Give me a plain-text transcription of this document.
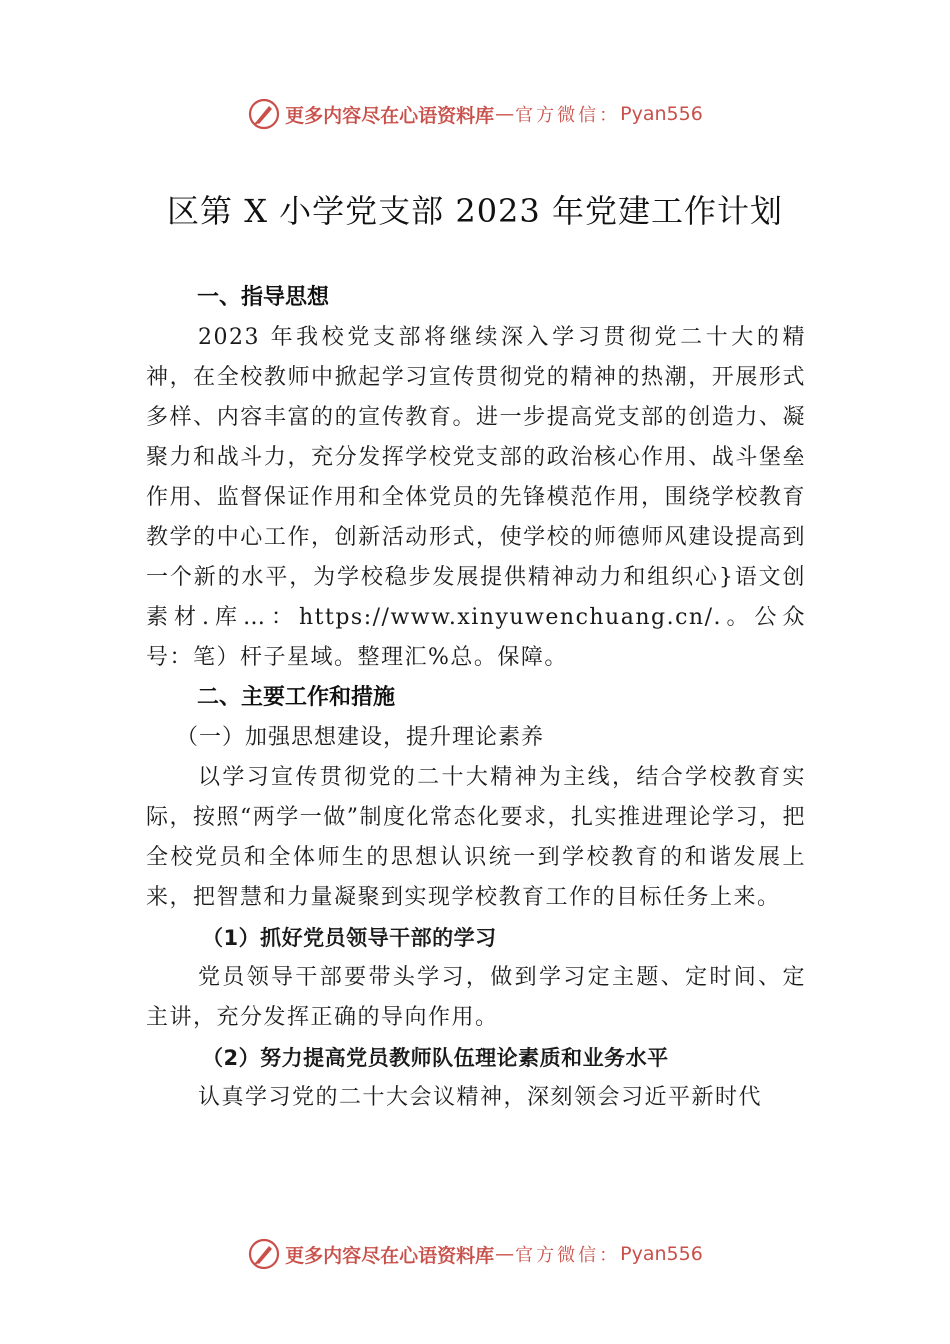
更多内容尽在心语资料库 — 官方微信： Pyan556
区第 X 小学党支部 2023 年党建工作计划
一、指导思想

2023 年我校党支部将继续深入学习贯彻党二十大的精神，在全校教师中掀起学习宣传贯彻党的精神的热潮，开展形式多样、内容丰富的的宣传教育。进一步提高党支部的创造力、凝聚力和战斗力，充分发挥学校党支部的政治核心作用、战斗堡垒作用、监督保证作用和全体党员的先锋模范作用，围绕学校教育教学的中心工作，创新活动形式，使学校的师德师风建设提高到一个新的水平，为学校稳步发展提供精神动力和组织心}语文创素材.库…：https://www.xinyuwenchuang.cn/.。公众号：笔）杆子星域。整理汇%总。保障。

二、主要工作和措施
（一）加强思想建设，提升理论素养

以学习宣传贯彻党的二十大精神为主线，结合学校教育实际，按照“两学一做”制度化常态化要求，扎实推进理论学习，把全校党员和全体师生的思想认识统一到学校教育的和谐发展上来，把智慧和力量凝聚到实现学校教育工作的目标任务上来。

（1）抓好党员领导干部的学习

党员领导干部要带头学习，做到学习定主题、定时间、定主讲，充分发挥正确的导向作用。

（2）努力提高党员教师队伍理论素质和业务水平
认真学习党的二十大会议精神，深刻领会习近平新时代
更多内容尽在心语资料库 — 官方微信： Pyan556
